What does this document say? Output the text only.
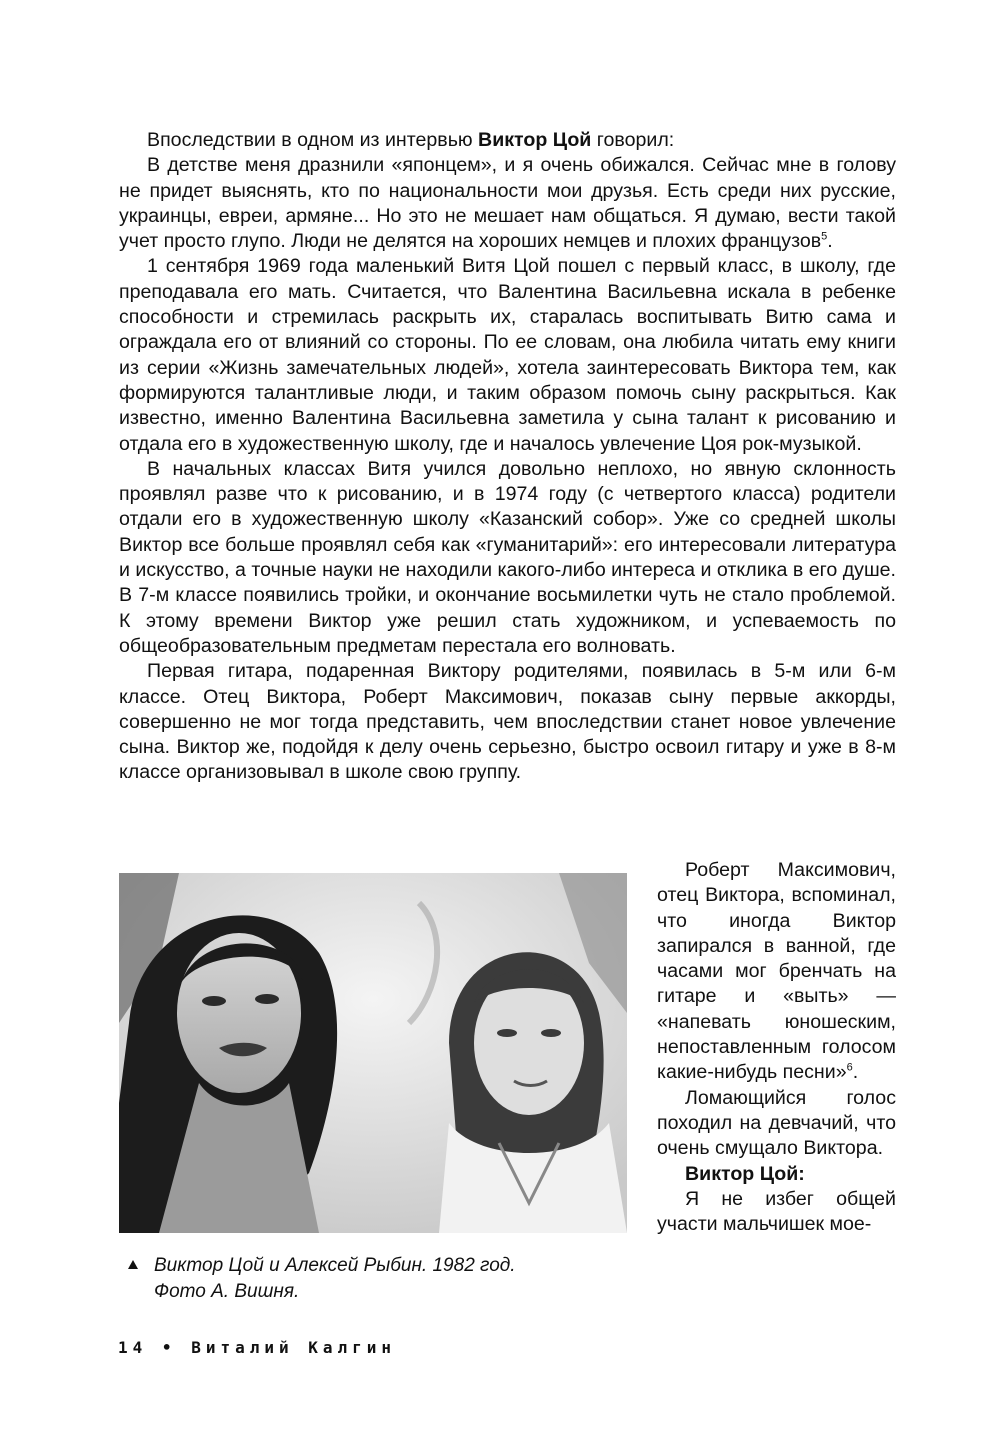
Впоследствии в одном из интервью Виктор Цой говорил:

В детстве меня дразнили «японцем», и я очень обижался. Сейчас мне в голову не придет выяснять, кто по национальности мои друзья. Есть среди них русские, украинцы, евреи, армяне... Но это не мешает нам общаться. Я думаю, вести такой учет просто глупо. Люди не делятся на хороших немцев и плохих французов$^5$.

1 сентября 1969 года маленький Витя Цой пошел с первый класс, в школу, где преподавала его мать. Считается, что Валентина Васильевна искала в ребенке способности и стремилась раскрыть их, старалась воспитывать Витю сама и ограждала его от влияний со стороны. По ее словам, она любила читать ему книги из серии «Жизнь замечательных людей», хотела заинтересовать Виктора тем, как формируются талантливые люди, и таким образом помочь сыну раскрыться. Как известно, именно Валентина Васильевна заметила у сына талант к рисованию и отдала его в художественную школу, где и началось увлечение Цоя рок-музыкой.

В начальных классах Витя учился довольно неплохо, но явную склонность проявлял разве что к рисованию, и в 1974 году (с четвертого класса) родители отдали его в художественную школу «Казанский собор». Уже со средней школы Виктор все больше проявлял себя как «гуманитарий»: его интересовали литература и искусство, а точные науки не находили какого-либо интереса и отклика в его душе. В 7-м классе появились тройки, и окончание восьмилетки чуть не стало проблемой. К этому времени Виктор уже решил стать художником, и успеваемость по общеобразовательным предметам перестала его волновать.

Первая гитара, подаренная Виктору родителями, появилась в 5-м или 6-м классе. Отец Виктора, Роберт Максимович, показав сыну первые аккорды, совершенно не мог тогда представить, чем впоследствии станет новое увлечение сына. Виктор же, подойдя к делу очень серьезно, быстро освоил гитару и уже в 8-м классе организовывал в школе свою группу.

Виктор Цой и Алексей Рыбин. 1982 год.
Фото А. Вишня.

Роберт Максимович, отец Виктора, вспоминал, что иногда Виктор запирался в ванной, где часами мог бренчать на гитаре и «выть» — «напевать юношеским, непоставленным голосом какие-нибудь песни»$^6$.

Ломающийся голос походил на девчачий, что очень смущало Виктора.

Виктор Цой:

Я не избег общей участи мальчишек мое-

14 • Виталий Калгин
